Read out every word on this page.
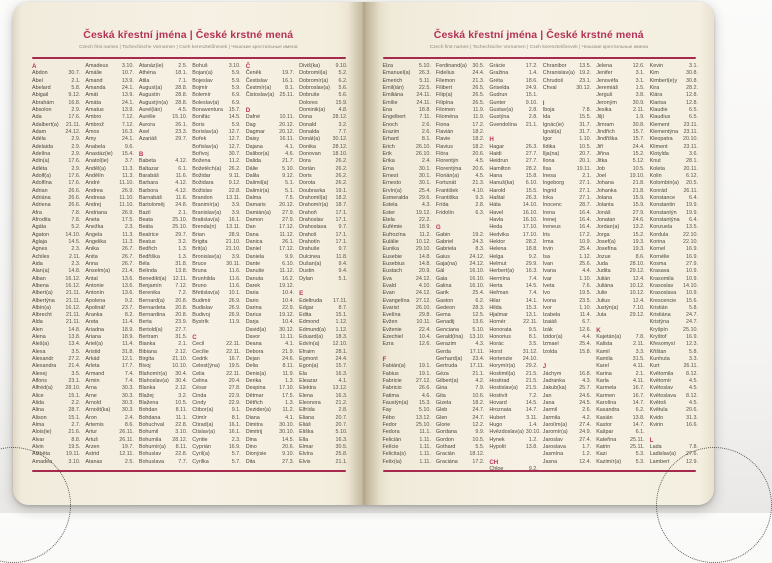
Česká křestní jména | České krstné mená
Czech first names | Tschechische Vornamen | Cseh keresztelőnevek | Чешские крестильные имена
A
Abdon	30.7.
Ábel	2.1.
Abelard	5.8.
Abigail	9.12.
Abrahám	16.8.
Absolon	2.9.
Ada	17.6.
Adalbert(a) 21.11.
Adam	24.12.
Adéla	2.9.
Adelaida	2.9.
Adelína	2.9.
Adin(a)	17.6.
Adléta	2.9.
Adolf(a)	17.6.
Adolfína	17.6.
Adrian	26.6.
Adriána	26.6.
Adriena	26.6.
Afra	7.8.
Afrodita	7.8.
Agáta	5.2.
Agaton	14.10.
Aglaja	14.5.
Agnes	2.3.
Achiles	2.11.
Aida	2.3.
Alan(a)	14.8.
Alban	16.12.
Albena	16.12.
Albert(a) 21.11.
Albertýna 21.11.
Albín(a)	16.12.
Albrecht	21.11.
Alda	21.11.
Alen	14.8.
Alena	13.8.
Aleš(a)	13.4.
Alexa	3.5.
Alexandr	27.2.
Alexandra 21.4.
Alexej	3.5.
Alfons	23.1.
Alfréd(a) 28.10.
Alice	15.1.
Alida	2.2.
Alina	28.7.
Alison	15.1.
Alma	2.7.
Alois(ie)	21.6.
Alvar	8.8.
Alvin	19.5.
Alžběta	19.11.
Amadea	3.10.
Amadeus	3.10.
Amálie	10.7.
Amand	13.9.
Amanda	24.1.
Amát	13.9.
Amáta	24.1.
Amatus	13.9.
Ambro	7.12.
Ambrož	7.12.
Ámos	16.3.
Amy	24.1.
Anabela	9.6.
Anastáz(ie) 15.4.
Anatol(ie)	3.7.
Anděl(a)	11.3.
Andělín	11.3.
André	11.10.
Andrea	26.9.
Andreas	11.10.
Andrej	11.10.
Andriana	26.9.
Aneta	17.5.
Anežka	2.3.
Angela	11.3.
Angelika	11.3.
Anika	26.7.
Anita	26.7.
Anna	26.7.
Anselm(a) 21.4.
Antal	13.6.
Antonie	13.6.
Antonín	13.6.
Apolena	9.2.
Apolinář	23.7.
Aranka	8.2.
Areta	11.4.
Ariadna	18.9.
Ariana	18.9.
Ariel(a)	11.4.
Aristid	31.8.
Arkád	12.1.
Arleta	17.7.
Armand	7.4.
Armin	7.4.
Arna	30.3.
Arne	30.3.
Arnold	30.3.
Arnošt(ka) 30.3.
Áron	2.4.
Artemis	8.6.
Artur	26.11.
Artuš	26.11.
Arzen	19.7.
Astrid	12.11.
Atanas	2.5.
Atanáz(ie)	2.5.
Athéna	18.1.
Atila	7.1.
August(a) 28.8.
Augustin	28.8.
Augustýn(a) 28.8.
Aurel(ián)	4.5.
Aurélie	15.10.
Aurora	26.1.
Axel	23.3.
Azariáš	29.7.
B
Babeta	4.12.
Baltazar	6.1.
Barabáš	11.6.
Barbara	4.12.
Barbora	4.12.
Barnabáš	11.6.
Bartoloměj 24.8.
Bazil	2.1.
Beata	25.10.
Beáta	25.10.
Beatrice	29.7.
Beatus	3.2.
Bedřich	1.3.
Bedřiška	1.3.
Béla	31.8.
Belinda	13.8.
Benedikt(a) 12.11.
Benjamín	7.12.
Berenika	7.2.
Bernard(a) 20.8.
Bernardeta 20.8.
Bernardina 20.8.
Berta	23.9.
Bertold(a) 27.7.
Bertram	31.5.
Bianka	2.1.
Bibiana	2.12.
Birgita	21.10.
Bivoj	10.10.
Blahomír(a) 30.4.
Blahoslav(a) 30.4.
Blanka	2.12.
Blažej	3.2.
Blažena	10.5.
Bohdan	8.11.
Bohdana	11.1.
Bohuchval 22.8.
Bohumil	3.10.
Bohumila 28.12.
Bohumír(a) 8.11.
Bohuslav	22.8.
Bohuslava	7.7.
Bohuš	3.10.
Bojan(a)	5.9.
Bojeslav	5.9.
Bojmír	5.9.
Bolemír	6.9.
Boleslav(a) 6.9.
Bonaventura 15.7.
Bonifác	14.5.
Boris	5.9.
Borislav(a) 12.7.
Bořek	12.7.
Bořislav(a) 12.7.
Bořivoj	30.7.
Božena	11.2.
Božetěch(a) 26.2.
Božidar	9.11.
Božidara	9.12.
Božislav	22.8.
Brandon 13.11.
Branimír(a) 3.9.
Branislav(a) 3.9.
Bratislav(a) 16.1.
Brenda(n) 13.11.
Brian	28.9.
Brigita	21.10.
Brit(a)	21.10.
Bronislav(a) 3.9.
Bruce	30.11.
Bruna	11.6.
Brunhilda	11.6.
Bruno	11.6.
Břetislav(a) 10.1.
Budimír	26.9.
Budislav	26.9.
Budivoj	26.9.
Bystrík	11.9.
C
Cecil	22.11.
Cecílie	22.11.
Cedrik	16.7.
Celest(ýna) 19.5.
Celia	22.11.
Celina	20.4.
César	27.8.
Cinda	22.9.
Cindy	22.9.
Ctibor(a)	9.1.
Ctimír	8.1.
Ctirad(a)	16.1.
Ctislav(a)	16.1.
Cyntie	2.3.
Cyprián	16.9.
Cyril(a)	5.7.
Cyrilka	5.7.
Č
Čeněk	19.7.
Čestislav	16.1.
Čestmír(a)	8.1.
Čistoslav(a) 25.11.
D
Dafné	10.11.
Dag	20.12.
Dagmar	20.12.
Daisy	16.11.
Dajana	4.1.
Dalibor(a)	4.6.
Dalida	21.7.
Dálie	5.10.
Dalila	9.12.
Dalimil(a)	5.1.
Dalimír(a)	5.1.
Dalma	7.5.
Damaris 20.12.
Damián(a) 27.9.
Damon	27.9.
Dan	17.12.
Dana	11.12.
Danica	26.1.
Daniel	17.12.
Daniela	9.9.
Dante	6.10.
Danuše	11.12.
Danuta	16.2.
Darek	19.12.
Daria	10.4.
Dario	10.4.
Darina	22.9.
Darius	19.12.
Darja	10.4.
David(a) 30.12.
Davor	11.11.
Deana	4.1.
Debora	21.9.
Dejan	24.6.
Delia	8.11.
Denis(a)	11.9.
Derika	1.3.
Despina	17.10.
Dětmar	17.5.
Dětřich	1.3.
Dezider(a) 11.2.
Diana	4.1.
Dimitra	30.10.
Dimitrij	30.10.
Dina	14.5.
Dino	20.6.
Dionýsie	9.10.
Dita	27.3.
Diviš(ka)	9.10.
Dobromil(a) 5.2.
Dobromír(a) 6.2.
Dobroslav(a) 5.6.
Dobruše	5.6.
Dolores	15.9.
Dominik(a) 4.8.
Dona	28.12.
Donald	3.2.
Donalda	7.7.
Donát(a) 30.12.
Donika	28.12.
Donovan 18.10.
Dora	26.2.
Dorián	26.2.
Doris	26.2.
Dorota	26.2.
Doubravka 19.1.
Drahomil(a) 18.2.
Drahomír(a) 18.7.
Drahoň	17.1.
Drahoslav 17.1.
Drahoslava 9.7.
Drahoš	17.1.
Drahotín	17.1.
Drahuše	9.7.
Dulcinea	11.8.
Dušan(a)	9.4.
Dustin	9.4.
Dylan	5.1.
E
Edeltruda 17.11.
Edgar	8.7.
Edita	15.1.
Edmond	1.12.
Edmund(a) 1.12.
Eduard(a) 18.3.
Edvín(a) 12.10.
Efraim	28.1.
Egmont	24.4.
Egon(a)	15.7.
Ela	16.3.
Eleazar	4.1.
Elektra	13.12.
Elena	16.3.
Eleonora	21.2.
Elfrída	2.8.
Eliana	20.7.
Eliáš	20.7.
Eliška	5.10.
Ella	16.3.
Elmar	30.5.
Elvíra	25.8.
Elvis	21.1.
Česká křestní jména | České krstné mená
Czech first names | Tschechische Vornamen | Cseh keresztelőnevek | Чешские крестильные имена
Elza	5.10.
Emanuel(a) 26.3.
Emerich	5.11.
Emil(ián)	22.5.
Emiliána 24.11.
Emílie	24.11.
Ena	18.8.
Engelbert	7.11.
Enoch	2.6.
Erazim	2.6.
Erhard	8.1.
Erich	26.10.
Erik	26.10.
Erika	2.4.
Erna	30.1.
Ernest	30.1.
Ernesto	30.1.
Ervín(a)	25.4.
Esmeralda 29.6.
Estela	4.3.
Ester	19.12.
Etela	22.2.
Eufémie	18.9.
Eufrozína	11.2.
Eulálie	10.12.
Eunika	29.10.
Eusebie	14.8.
Eusebius	14.8.
Eustach	20.9.
Eva	24.12.
Evald	4.10.
Evan	24.12.
Evangelína 27.12.
Evarist	26.10.
Evelína	29.8.
Evžen	10.11.
Evženie	22.4.
Ezechiel	10.4.
Ezra	12.6.
F
Fabián(a) 19.1.
Fabius	19.1.
Fabricie	27.12.
Fabricio	26.6.
Fatima	4.6.
Faustýn(a) 15.3.
Fay	5.10.
Fébo	13.12.
Fedor	25.10.
Fedora	11.1.
Felicián	1.11.
Felície	1.11.
Felicita(s) 1.11.
Felix(ia)	1.11.
Ferdinand(a) 30.5.
Fidelius	24.4.
Filemon	21.3.
Filibert	26.5.
Filip(a)	26.5.
Filipína	26.5.
Filomen	11.9.
Filoména	11.9.
Fiona	17.2.
Flavián	18.2.
Flavie	18.2.
Flavius	18.2.
Flóra	20.6.
Florentýn	4.5.
Florentýna 20.6.
Florián(a)	4.5.
Fortunát	21.3.
František	4.10.
Františka	9.3.
Frída	2.8.
Fridolín	6.3.
G
Gabin	19.2.
Gabriel	24.3.
Gabriela	8.3.
Gaius	24.12.
Gaja(na) 24.12.
Gál	16.10.
Gala	16.10.
Galina	16.10.
Garik	25.4.
Gaston	6.2.
Gedeon	28.3.
Gema	12.5.
Genadij	13.6.
Genciana 5.10.
Gerald(ína) 13.10.
Gerazim	4.3.
Gerda	17.11.
Gerhard(a) 23.4.
Gertruda 17.11.
Géza	21.1.
Gilbert(a)	4.2.
Gina	7.9.
Gita	10.6.
Gizela	18.2.
Gleb	24.7.
Glen	24.7.
Glorie	12.2.
Gordana	9.9.
Gordon	10.5.
Gothard	5.5.
Gracián	18.12.
Graciána	17.2.
Grácie	17.2.
Gražina	1.4.
Gréta	18.6.
Griselda	24.9.
Gudrun	15.1.
Gunter	9.10.
Gustav(a)	2.8.
Gustýna	2.8.
Gvendolína 21.1.
H
Hagar	26.3.
Haidi	27.7.
Heidrun	27.7.
Hamilton	28.2.
Hana	15.8.
Hanuš(ka) 6.10.
Harold	15.5.
Haštal	26.3.
Háta	14.10.
Havel	16.10.
Havla	16.10.
Heda	17.10.
Hedvika	17.10.
Hektor	28.2.
Helena	18.8.
Helga	9.2.
Helmut	29.9.
Herbert(a) 16.3.
Hermína	7.4.
Herta	14.5.
Heřman	7.4.
Hilar	14.1.
Hilda	15.3.
Hjalmar	13.1.
Homér	22.11.
Honorata	9.5.
Honorius	8.1.
Horác	3.5.
Horst	31.12.
Hortenzie 24.10.
Horymír(a) 29.2.
Hostimil(a) 21.5.
Hostirad	21.5.
Hostislav(a) 21.5.
Hostivít	7.2.
Hovard	14.5.
Hroznata	14.7.
Hubert	3.11.
Hugo	1.4.
Hvězdoslav(a) 30.10.
Hynek	1.2.
Hypolit	13.8.
CH
Chloe	9.2.
Chranibor 13.5.
Chranislav(a) 19.2.
Chrudoš	23.1.
Chval	30.12.
I
Iboja	7.8.
Ida	15.5.
Ignác(ie)	31.7.
Ignát(a)	31.7.
Igor	1.10.
Ildika	10.5.
Ilja(na)	20.7.
Ilona	20.1.
Ilsa	19.11.
Inesa	2.1.
Ingeborg	27.1.
Ingrid	27.1.
Inka	27.1.
Inocenc	28.7.
Irena	16.4.
Irenej	16.4.
Ireneus	16.4.
Iris	17.2.
Irma	10.9.
Irvin	25.4.
Isa	1.12.
Ivan	25.6.
Ivana	4.4.
Ivar	1.10.
Iveta	7.6.
Ivo	19.5.
Ivona	23.5.
Ivor	1.10.
Izabela	11.4.
Izaiáš	6.7.
Izák	12.6.
Izidor(a)	4.4.
Izmael	25.4.
Izolda	15.8.
J
Jáchym	16.8.
Jadranka	4.3.
Jakub(ka) 25.7.
Jan	24.6.
Jana	24.5.
Jarmil	2.6.
Jarmila	4.2.
Jarolím(a) 27.4.
Jaromír(a) 24.9.
Jaroslav	27.4.
Jaroslava	1.7.
Jasmína	1.2.
Jasna	12.4.
Jelena	12.6.
Jenifer	3.1.
Jenovéfa	3.1.
Jeremiáš	1.5.
Jerguš	3.8.
Jeroným	30.9.
Jesika	2.11.
Jiljí	1.9.
Jimram	30.8.
Jindřich	15.7.
Jindřiška	15.7.
Jiří	24.4.
Jiřina	15.2.
Jitka	5.12.
Job	10.5.
Joel	19.10.
Johana	21.8.
Johanka	21.8.
Jolana	15.9.
Jolanta	15.9.
Jonáš	27.9.
Jonatan	24.6.
Jordan(a) 13.2.
Jorga	15.2.
Josef(a)	19.3.
Josefína	19.3.
Jozue	8.6.
Juda	28.10.
Judita	29.12.
Julián	12.4.
Juliána	10.12.
Julie	10.12.
Julius	12.4.
Justýn(a)	7.10.
Juta	29.12.
K
Kajetán(a)	7.8.
Kalista	2.11.
Kamil	3.3.
Kamila	31.5.
Karel	4.11.
Karina	2.1.
Karla	4.11.
Karmela	16.7.
Karmen	16.7.
Karolína	14.7.
Kasandra	6.2.
Kasián	13.8.
Kastor	14.7.
Kašpar	6.1.
Kateřina	25.11.
Katrin	25.11.
Kazi	5.3.
Kazimír(a)	5.3.
Kevin	3.1.
Kim	30.8.
Kimberl(e)y 30.8.
Kira	28.2.
Klára	12.8.
Klarisa	12.8.
Klaudie	6.5.
Klaudius	6.5.
Klement	23.11.
Klementýna 23.11.
Kleopatra 20.10.
Kliment	23.11.
Klotylda	3.6.
Knut	28.1.
Koleta	20.11.
Kolin	6.12.
Kolombín(a) 20.5.
Konrád	26.11.
Konstance	6.4.
Konstantin 19.9.
Konstantýn 19.9.
Konstantýna 6.4.
Konzuela	13.5.
Kordula	22.10.
Korina	22.10.
Kornel	16.9.
Kornélie	16.9.
Kosma	27.9.
Krasava	10.9.
Krasomila 10.9.
Krasoslav 14.10.
Krasoslava 10.9.
Krescencie 15.6.
Kristián	5.8.
Kristiána	24.7.
Kristýna	24.7.
Kryšpín	25.10.
Kryštof	16.9.
Křesomysl 12.3.
Křištan	5.8.
Kunhuta	3.3.
Kurt	26.11.
Květomila 8.12.
Květomír	4.5.
Květoslav	4.5.
Květoslava 8.12.
Květoš	4.5.
Květula	20.6.
Kvido	31.3.
Kvirin	16.6.
L
Lada	7.8.
Ladislav(a) 27.6.
Lambert	12.9.
